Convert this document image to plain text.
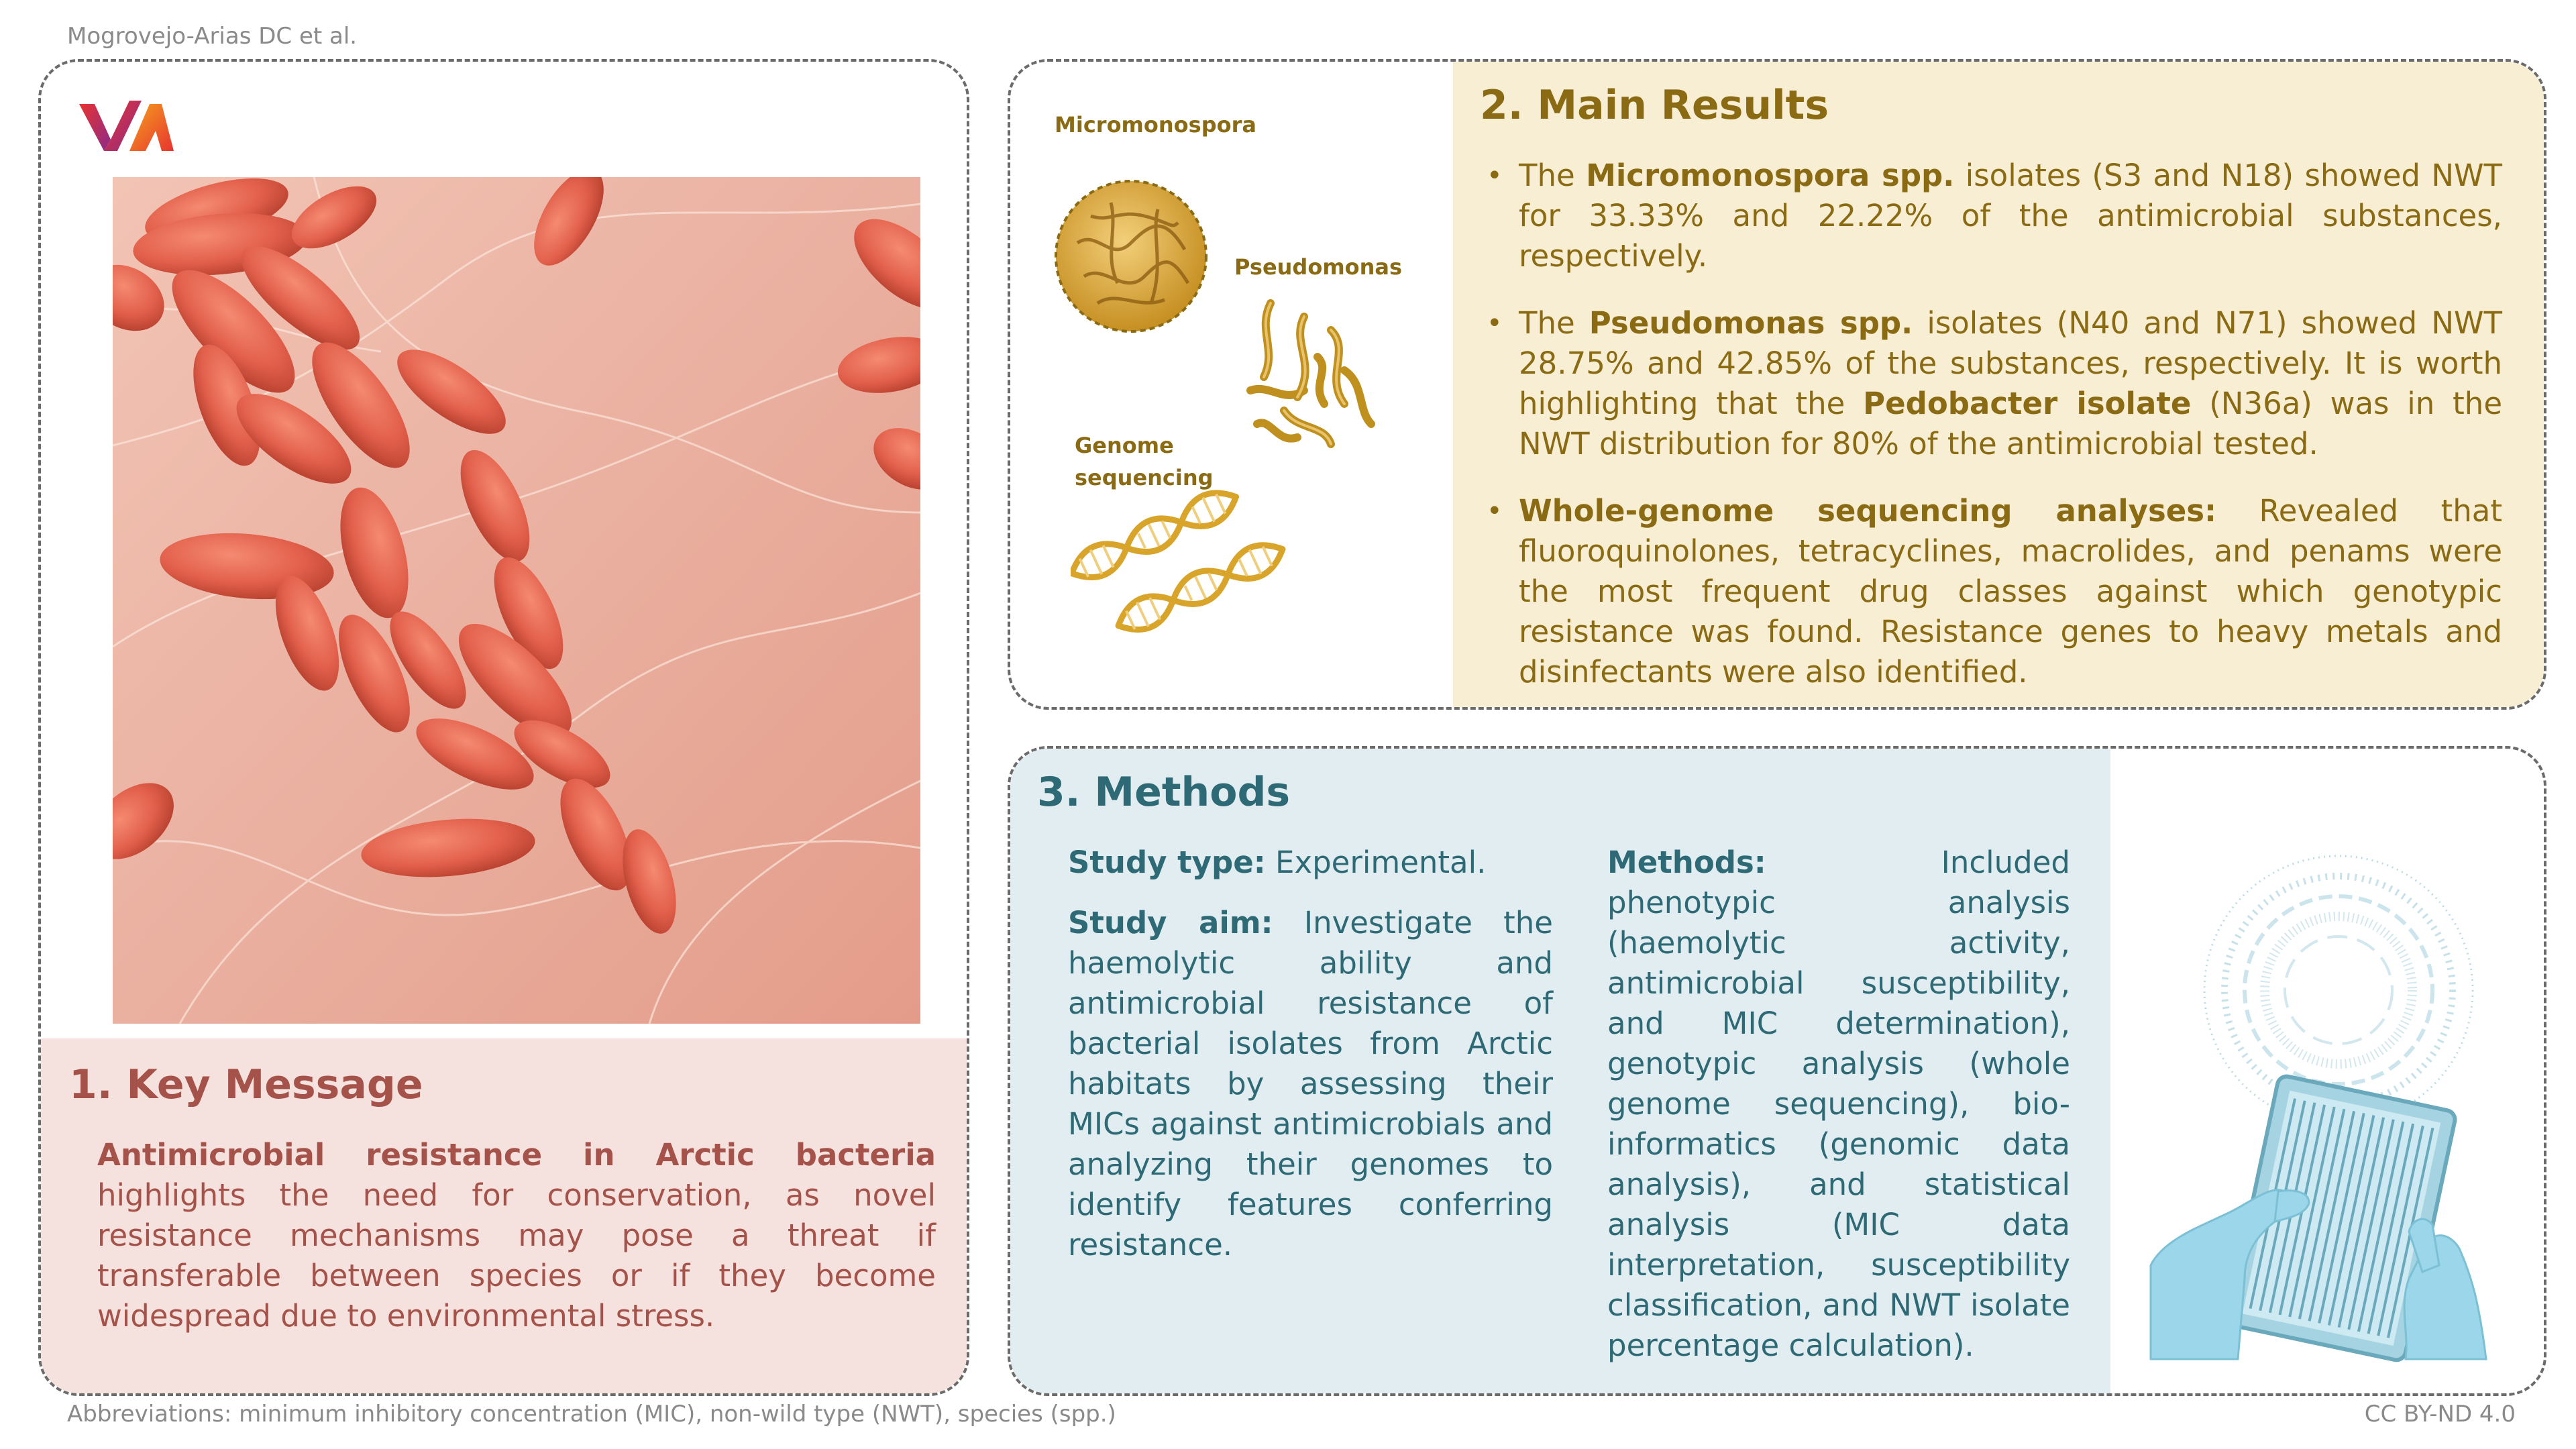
Mogrovejo-Arias DC et al.
1. Key Message
Antimicrobial resistance in Arctic bacteria highlights the need for conservation, as novel resistance mechanisms may pose a threat if transferable between species or if they become widespread due to environmental stress.
Micromonospora
Pseudomonas
Genome
sequencing
2. Main Results
• The Micromonospora spp. isolates (S3 and N18) showed NWT for 33.33% and 22.22% of the antimicrobial substances, respectively.
• The Pseudomonas spp. isolates (N40 and N71) showed NWT 28.75% and 42.85% of the substances, respectively. It is worth highlighting that the Pedobacter isolate (N36a) was in the NWT distribution for 80% of the antimicrobial tested.
• Whole-genome sequencing analyses: Revealed that fluoroquinolones, tetracyclines, macrolides, and penams were the most frequent drug classes against which genotypic resistance was found. Resistance genes to heavy metals and disinfectants were also identified.
3. Methods

Study type: Experimental.

Study aim: Investigate the haemolytic ability and antimicrobial resistance of bacterial isolates from Arctic habitats by assessing their MICs against antimicrobials and analyzing their genomes to identify features conferring resistance.

Methods: Included phenotypic analysis (haemolytic activity, antimicrobial susceptibility, and MIC determination), genotypic analysis (whole genome sequencing), bio-informatics (genomic data analysis), and statistical analysis (MIC data interpretation, susceptibility classification, and NWT isolate percentage calculation).

Abbreviations: minimum inhibitory concentration (MIC), non-wild type (NWT), species (spp.)	CC BY-ND 4.0
